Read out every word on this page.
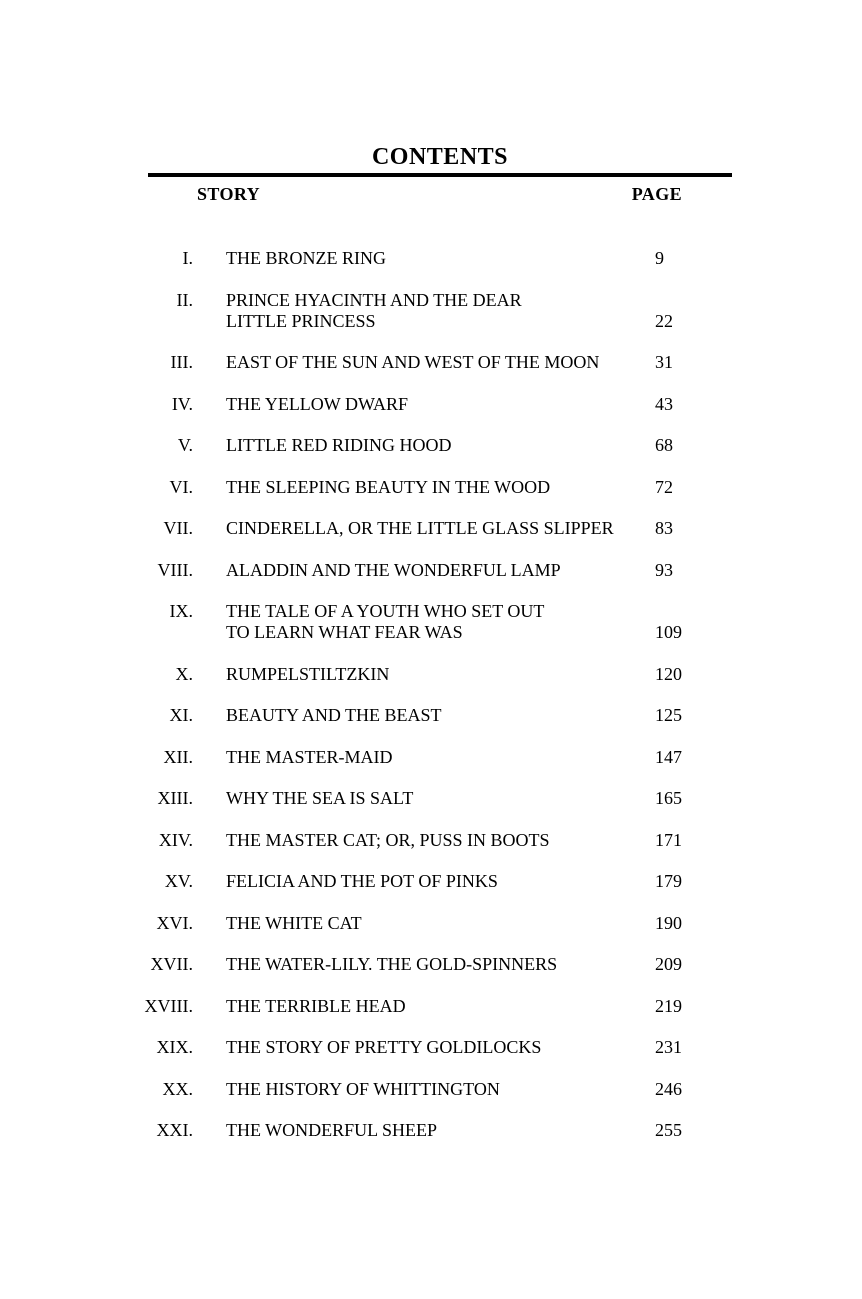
CONTENTS
STORY	PAGE
I. THE BRONZE RING	9
II. PRINCE HYACINTH AND THE DEAR
LITTLE PRINCESS	22
III. EAST OF THE SUN AND WEST OF THE MOON	31
IV. THE YELLOW DWARF	43
V. LITTLE RED RIDING HOOD	68
VI. THE SLEEPING BEAUTY IN THE WOOD	72
VII. CINDERELLA, OR THE LITTLE GLASS SLIPPER	83
VIII. ALADDIN AND THE WONDERFUL LAMP	93
IX. THE TALE OF A YOUTH WHO SET OUT
TO LEARN WHAT FEAR WAS	109
X. RUMPELSTILTZKIN	120
XI. BEAUTY AND THE BEAST	125
XII. THE MASTER-MAID	147
XIII. WHY THE SEA IS SALT	165
XIV. THE MASTER CAT; OR, PUSS IN BOOTS	171
XV. FELICIA AND THE POT OF PINKS	179
XVI. THE WHITE CAT	190
XVII. THE WATER-LILY. THE GOLD-SPINNERS	209
XVIII. THE TERRIBLE HEAD	219
XIX. THE STORY OF PRETTY GOLDILOCKS	231
XX. THE HISTORY OF WHITTINGTON	246
XXI. THE WONDERFUL SHEEP	255
